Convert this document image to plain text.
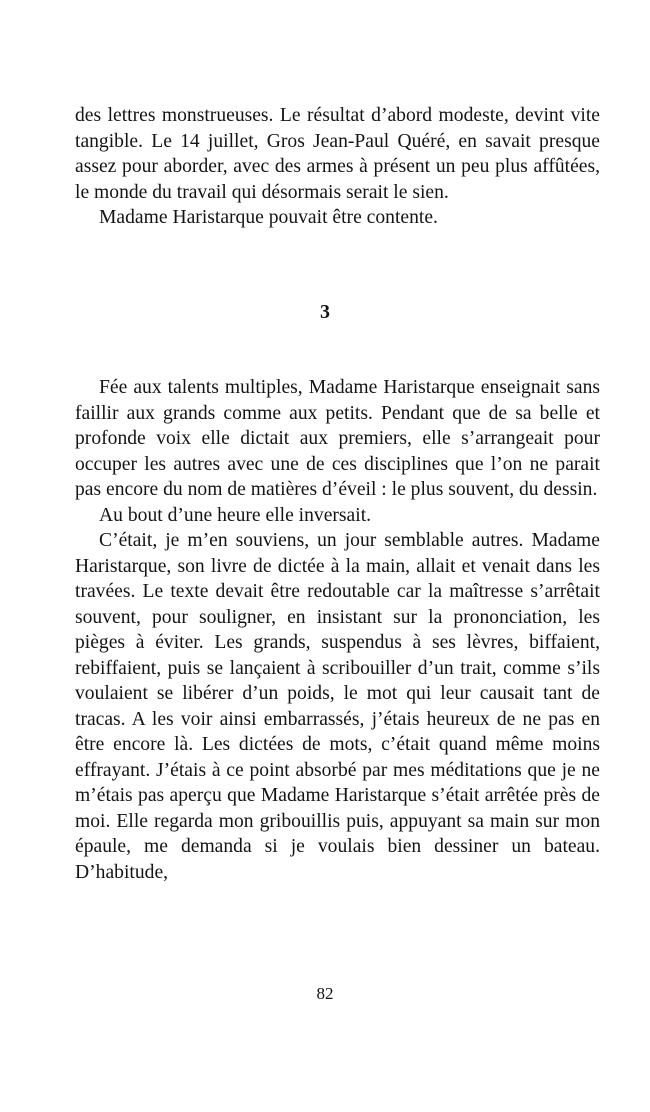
des lettres monstrueuses. Le résultat d’abord modeste, devint vite tangible. Le 14 juillet, Gros Jean-Paul Quéré, en savait presque assez pour aborder, avec des armes à présent un peu plus affûtées, le monde du travail qui désormais serait le sien.

Madame Haristarque pouvait être contente.

3

Fée aux talents multiples, Madame Haristarque enseignait sans faillir aux grands comme aux petits. Pendant que de sa belle et profonde voix elle dictait aux premiers, elle s’arrangeait pour occuper les autres avec une de ces disciplines que l’on ne parait pas encore du nom de matières d’éveil : le plus souvent, du dessin.

Au bout d’une heure elle inversait.

C’était, je m’en souviens, un jour semblable autres. Madame Haristarque, son livre de dictée à la main, allait et venait dans les travées. Le texte devait être redoutable car la maîtresse s’arrêtait souvent, pour souligner, en insistant sur la prononciation, les pièges à éviter. Les grands, suspendus à ses lèvres, biffaient, rebiffaient, puis se lançaient à scribouiller d’un trait, comme s’ils voulaient se libérer d’un poids, le mot qui leur causait tant de tracas. A les voir ainsi embarrassés, j’étais heureux de ne pas en être encore là. Les dictées de mots, c’était quand même moins effrayant. J’étais à ce point absorbé par mes méditations que je ne m’étais pas aperçu que Madame Haristarque s’était arrêtée près de moi. Elle regarda mon gribouillis puis, appuyant sa main sur mon épaule, me demanda si je voulais bien dessiner un bateau. D’habitude,

82
